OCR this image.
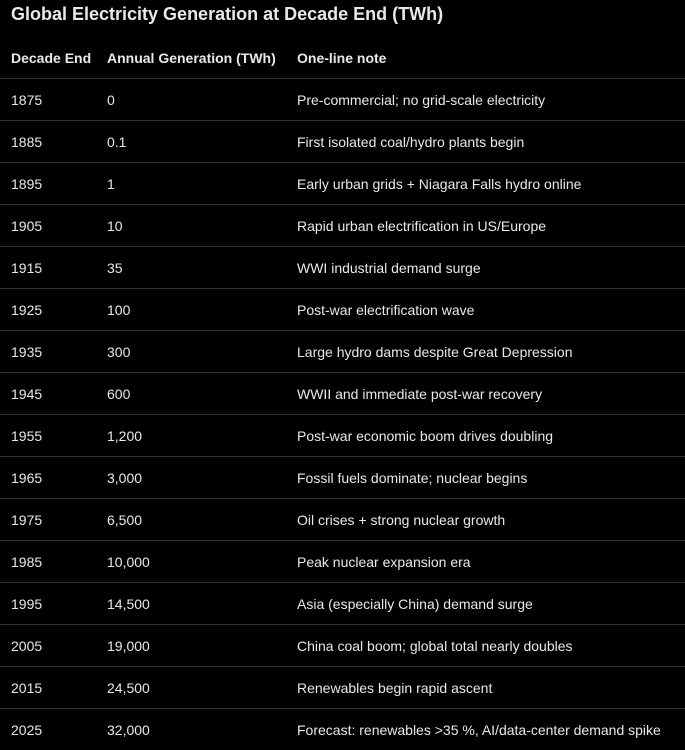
Global Electricity Generation at Decade End (TWh)
Decade End	Annual Generation (TWh)	One-line note
1875	0	Pre-commercial; no grid-scale electricity
1885	0.1	First isolated coal/hydro plants begin
1895	1	Early urban grids + Niagara Falls hydro online
1905	10	Rapid urban electrification in US/Europe
1915	35	WWI industrial demand surge
1925	100	Post-war electrification wave
1935	300	Large hydro dams despite Great Depression
1945	600	WWII and immediate post-war recovery
1955	1,200	Post-war economic boom drives doubling
1965	3,000	Fossil fuels dominate; nuclear begins
1975	6,500	Oil crises + strong nuclear growth
1985	10,000	Peak nuclear expansion era
1995	14,500	Asia (especially China) demand surge
2005	19,000	China coal boom; global total nearly doubles
2015	24,500	Renewables begin rapid ascent
2025	32,000	Forecast: renewables >35 %, AI/data-center demand spike
